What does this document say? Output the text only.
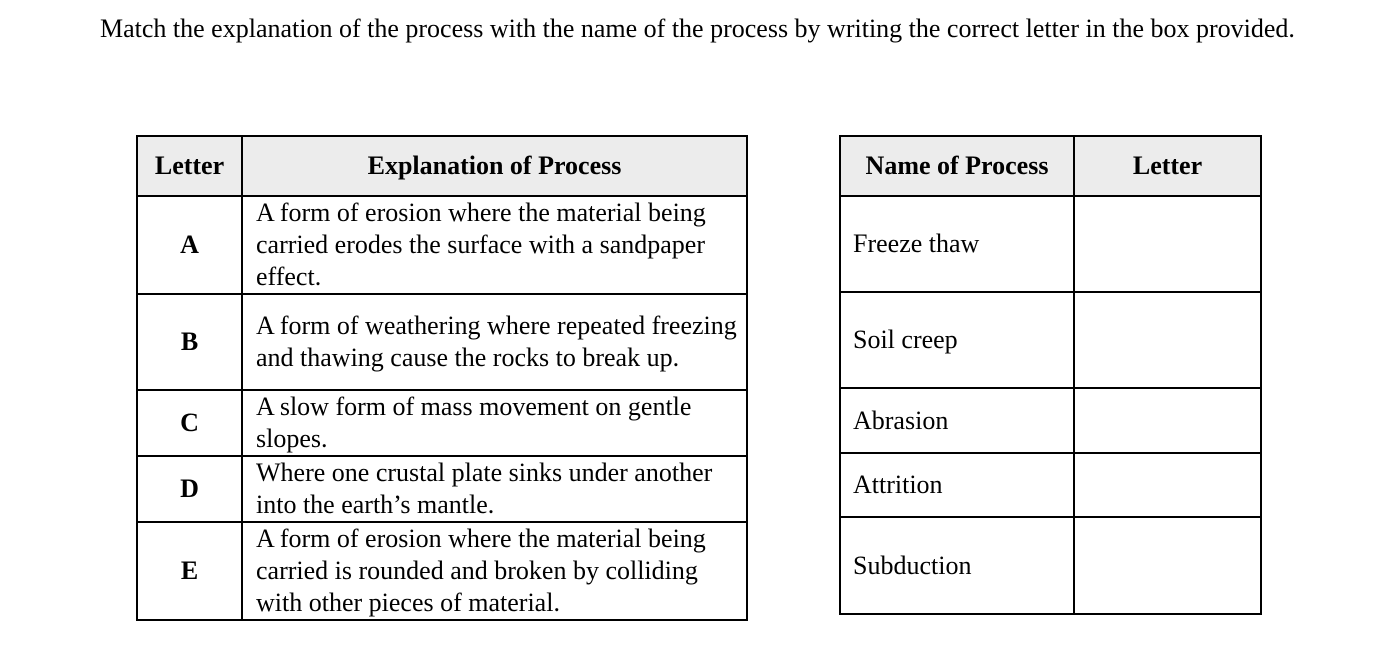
Match the explanation of the process with the name of the process by writing the correct letter in the box provided.
Letter	Explanation of Process
A	A form of erosion where the material being carried erodes the surface with a sandpaper effect.
B	A form of weathering where repeated freezing and thawing cause the rocks to break up.
C	A slow form of mass movement on gentle slopes.
D	Where one crustal plate sinks under another into the earth’s mantle.
E	A form of erosion where the material being carried is rounded and broken by colliding with other pieces of material.
Name of Process	Letter
Freeze thaw	
Soil creep	
Abrasion	
Attrition	
Subduction	
